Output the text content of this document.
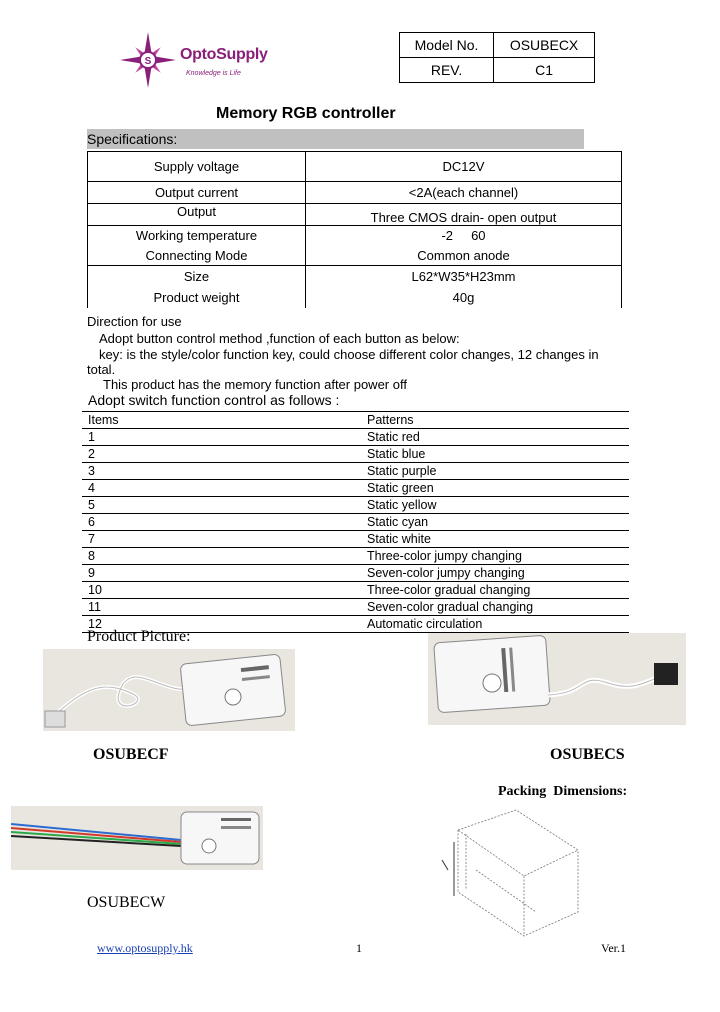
S OptoSupply
Knowledge is Life
Model No.	OSUBECX
REV.	C1
Memory RGB controller
Specifications:
Supply voltage	DC12V
Output current	<2A(each channel)
Output	Three CMOS drain- open output
Working temperature	-2     60
Connecting Mode	Common anode
Size	L62*W35*H23mm
Product weight	40g
Direction for use
Adopt button control method ,function of each button as below:
key: is the style/color function key, could choose different color changes, 12 changes in
total.
This product has the memory function after power off
Adopt switch function control as follows :
Items	Patterns
1	Static red
2	Static blue
3	Static purple
4	Static green
5	Static yellow
6	Static cyan
7	Static white
8	Three-color jumpy changing
9	Seven-color jumpy changing
10	Three-color gradual changing
11	Seven-color gradual changing
12	Automatic circulation
Product Picture:
OSUBECF	OSUBECS
Packing  Dimensions:
OSUBECW
www.optosupply.hk	1	Ver.1
